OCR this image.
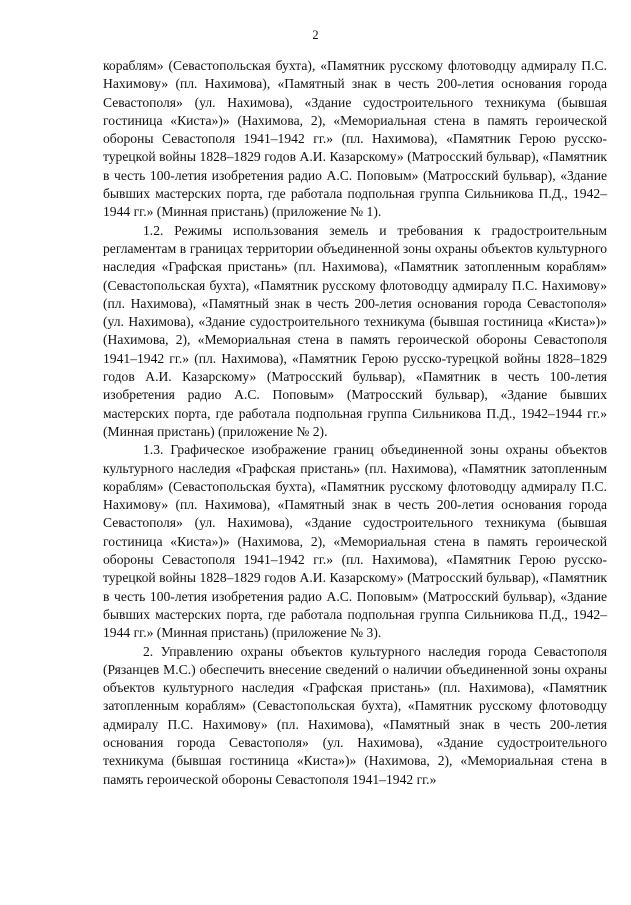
2

кораблям» (Севастопольская бухта), «Памятник русскому флотоводцу адмиралу П.С. Нахимову» (пл. Нахимова), «Памятный знак в честь 200-летия основания города Севастополя» (ул. Нахимова), «Здание судостроительного техникума (бывшая гостиница «Киста»)» (Нахимова, 2), «Мемориальная стена в память героической обороны Севастополя 1941–1942 гг.» (пл. Нахимова), «Памятник Герою русско-турецкой войны 1828–1829 годов А.И. Казарскому» (Матросский бульвар), «Памятник в честь 100-летия изобретения радио А.С. Поповым» (Матросский бульвар), «Здание бывших мастерских порта, где работала подпольная группа Сильникова П.Д., 1942–1944 гг.» (Минная пристань) (приложение № 1).

1.2. Режимы использования земель и требования к градостроительным регламентам в границах территории объединенной зоны охраны объектов культурного наследия «Графская пристань» (пл. Нахимова), «Памятник затопленным кораблям» (Севастопольская бухта), «Памятник русскому флотоводцу адмиралу П.С. Нахимову» (пл. Нахимова), «Памятный знак в честь 200-летия основания города Севастополя» (ул. Нахимова), «Здание судостроительного техникума (бывшая гостиница «Киста»)» (Нахимова, 2), «Мемориальная стена в память героической обороны Севастополя 1941–1942 гг.» (пл. Нахимова), «Памятник Герою русско-турецкой войны 1828–1829 годов А.И. Казарскому» (Матросский бульвар), «Памятник в честь 100-летия изобретения радио А.С. Поповым» (Матросский бульвар), «Здание бывших мастерских порта, где работала подпольная группа Сильникова П.Д., 1942–1944 гг.» (Минная пристань) (приложение № 2).

1.3. Графическое изображение границ объединенной зоны охраны объектов культурного наследия «Графская пристань» (пл. Нахимова), «Памятник затопленным кораблям» (Севастопольская бухта), «Памятник русскому флотоводцу адмиралу П.С. Нахимову» (пл. Нахимова), «Памятный знак в честь 200-летия основания города Севастополя» (ул. Нахимова), «Здание судостроительного техникума (бывшая гостиница «Киста»)» (Нахимова, 2), «Мемориальная стена в память героической обороны Севастополя 1941–1942 гг.» (пл. Нахимова), «Памятник Герою русско-турецкой войны 1828–1829 годов А.И. Казарскому» (Матросский бульвар), «Памятник в честь 100-летия изобретения радио А.С. Поповым» (Матросский бульвар), «Здание бывших мастерских порта, где работала подпольная группа Сильникова П.Д., 1942–1944 гг.» (Минная пристань) (приложение № 3).

2. Управлению охраны объектов культурного наследия города Севастополя (Рязанцев М.С.) обеспечить внесение сведений о наличии объединенной зоны охраны объектов культурного наследия «Графская пристань» (пл. Нахимова), «Памятник затопленным кораблям» (Севастопольская бухта), «Памятник русскому флотоводцу адмиралу П.С. Нахимову» (пл. Нахимова), «Памятный знак в честь 200-летия основания города Севастополя» (ул. Нахимова), «Здание судостроительного техникума (бывшая гостиница «Киста»)» (Нахимова, 2), «Мемориальная стена в память героической обороны Севастополя 1941–1942 гг.»
